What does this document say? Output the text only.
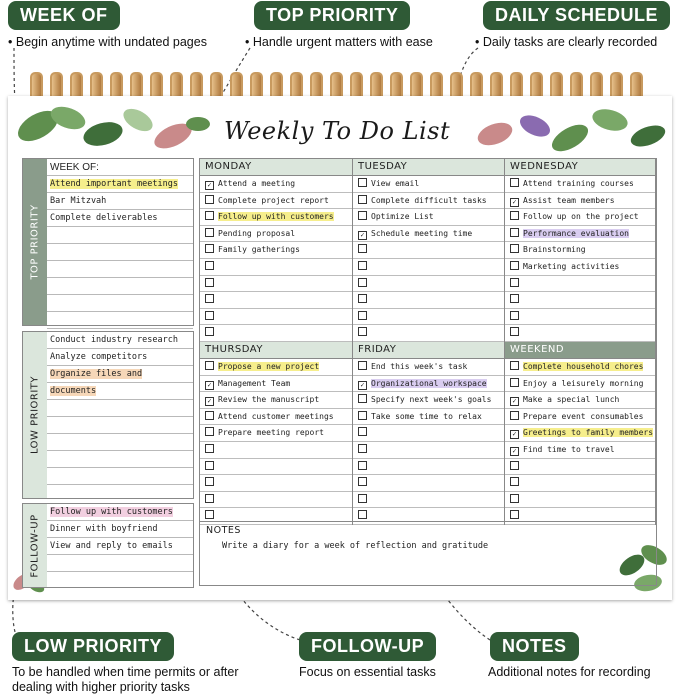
WEEK OF
• Begin anytime with undated pages
TOP PRIORITY
• Handle urgent matters with ease
DAILY SCHEDULE
• Daily tasks are clearly recorded
Weekly To Do List
TOP PRIORITY
WEEK OF:
Attend important meetings
Bar Mitzvah
Complete deliverables
LOW PRIORITY
Conduct industry research
Analyze competitors
Organize files and documents
FOLLOW-UP
Follow up with customers
Dinner with boyfriend
View and reply to emails
NOTES
Write a diary for a week of reflection and gratitude
MONDAY
✓ Attend a meeting
Complete project report
Follow up with customers
Pending proposal
Family gatherings
TUESDAY
View email
Complete difficult tasks
Optimize List
✓ Schedule meeting time
WEDNESDAY
Attend training courses
✓ Assist team members
Follow up on the project
Performance evaluation
Brainstorming
Marketing activities
THURSDAY
Propose a new project
✓ Management Team
✓ Review the manuscript
Attend customer meetings
Prepare meeting report
FRIDAY
End this week's task
✓ Organizational workspace
Specify next week's goals
Take some time to relax
WEEKEND
Complete household chores
Enjoy a leisurely morning
✓ Make a special lunch
Prepare event consumables
✓ Greetings to family members
✓ Find time to travel
LOW PRIORITY
To be handled when time permits or after
dealing with higher priority tasks
FOLLOW-UP
Focus on essential tasks
NOTES
Additional notes for recording
